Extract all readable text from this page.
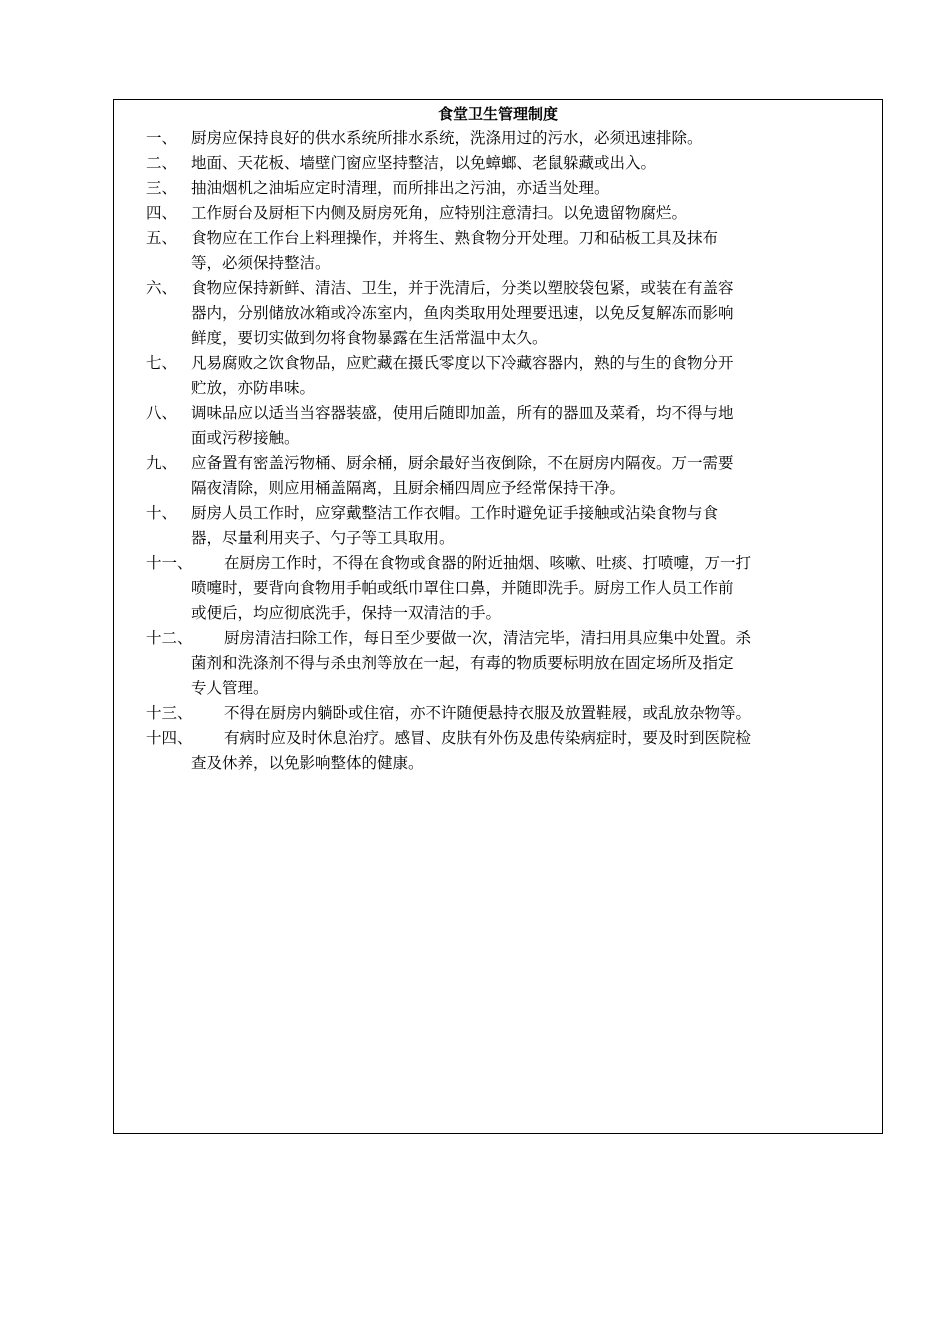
食堂卫生管理制度
一、 厨房应保持良好的供水系统所排水系统，洗涤用过的污水，必须迅速排除。
二、 地面、天花板、墙壁门窗应坚持整洁，以免蟑螂、老鼠躲藏或出入。
三、 抽油烟机之油垢应定时清理，而所排出之污油，亦适当处理。
四、 工作厨台及厨柜下内侧及厨房死角，应特别注意清扫。以免遗留物腐烂。
五、 食物应在工作台上料理操作，并将生、熟食物分开处理。刀和砧板工具及抹布
等，必须保持整洁。
六、 食物应保持新鲜、清洁、卫生，并于洗清后，分类以塑胶袋包紧，或装在有盖容
器内，分别储放冰箱或冷冻室内，鱼肉类取用处理要迅速，以免反复解冻而影响
鲜度，要切实做到勿将食物暴露在生活常温中太久。
七、 凡易腐败之饮食物品，应贮藏在摄氏零度以下冷藏容器内，熟的与生的食物分开
贮放，亦防串味。
八、 调味品应以适当当容器装盛，使用后随即加盖，所有的器皿及菜肴，均不得与地
面或污秽接触。
九、 应备置有密盖污物桶、厨余桶，厨余最好当夜倒除，不在厨房内隔夜。万一需要
隔夜清除，则应用桶盖隔离，且厨余桶四周应予经常保持干净。
十、 厨房人员工作时，应穿戴整洁工作衣帽。工作时避免证手接触或沾染食物与食
器，尽量利用夹子、勺子等工具取用。
十一、 在厨房工作时，不得在食物或食器的附近抽烟、咳嗽、吐痰、打喷嚏，万一打
喷嚏时，要背向食物用手帕或纸巾罩住口鼻，并随即洗手。厨房工作人员工作前
或便后，均应彻底洗手，保持一双清洁的手。
十二、 厨房清洁扫除工作，每日至少要做一次，清洁完毕，清扫用具应集中处置。杀
菌剂和洗涤剂不得与杀虫剂等放在一起，有毒的物质要标明放在固定场所及指定
专人管理。
十三、 不得在厨房内躺卧或住宿，亦不许随便悬持衣服及放置鞋屐，或乱放杂物等。
十四、 有病时应及时休息治疗。感冒、皮肤有外伤及患传染病症时，要及时到医院检
查及休养，以免影响整体的健康。
